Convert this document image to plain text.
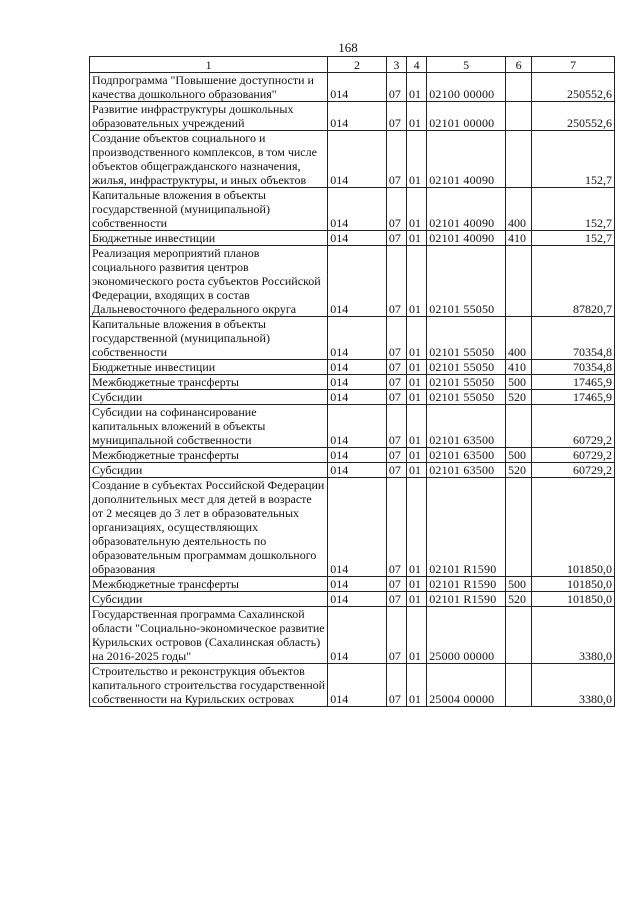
168
1	2	3	4	5	6	7
Подпрограмма "Повышение доступности и качества дошкольного образования"	014	07	01	02100 00000		250552,6
Развитие инфраструктуры дошкольных образовательных учреждений	014	07	01	02101 00000		250552,6
Создание объектов социального и производственного комплексов, в том числе объектов общегражданского назначения, жилья, инфраструктуры, и иных объектов	014	07	01	02101 40090		152,7
Капитальные вложения в объекты государственной (муниципальной) собственности	014	07	01	02101 40090	400	152,7
Бюджетные инвестиции	014	07	01	02101 40090	410	152,7
Реализация мероприятий планов социального развития центров экономического роста субъектов Российской Федерации, входящих в состав Дальневосточного федерального округа	014	07	01	02101 55050		87820,7
Капитальные вложения в объекты государственной (муниципальной) собственности	014	07	01	02101 55050	400	70354,8
Бюджетные инвестиции	014	07	01	02101 55050	410	70354,8
Межбюджетные трансферты	014	07	01	02101 55050	500	17465,9
Субсидии	014	07	01	02101 55050	520	17465,9
Субсидии на софинансирование капитальных вложений в объекты муниципальной собственности	014	07	01	02101 63500		60729,2
Межбюджетные трансферты	014	07	01	02101 63500	500	60729,2
Субсидии	014	07	01	02101 63500	520	60729,2
Создание в субъектах Российской Федерации дополнительных мест для детей в возрасте от 2 месяцев до 3 лет в образовательных организациях, осуществляющих образовательную деятельность по образовательным программам дошкольного образования	014	07	01	02101 R1590		101850,0
Межбюджетные трансферты	014	07	01	02101 R1590	500	101850,0
Субсидии	014	07	01	02101 R1590	520	101850,0
Государственная программа Сахалинской области "Социально-экономическое развитие Курильских островов (Сахалинская область) на 2016-2025 годы"	014	07	01	25000 00000		3380,0
Строительство и реконструкция объектов капитального строительства государственной собственности на Курильских островах	014	07	01	25004 00000		3380,0
